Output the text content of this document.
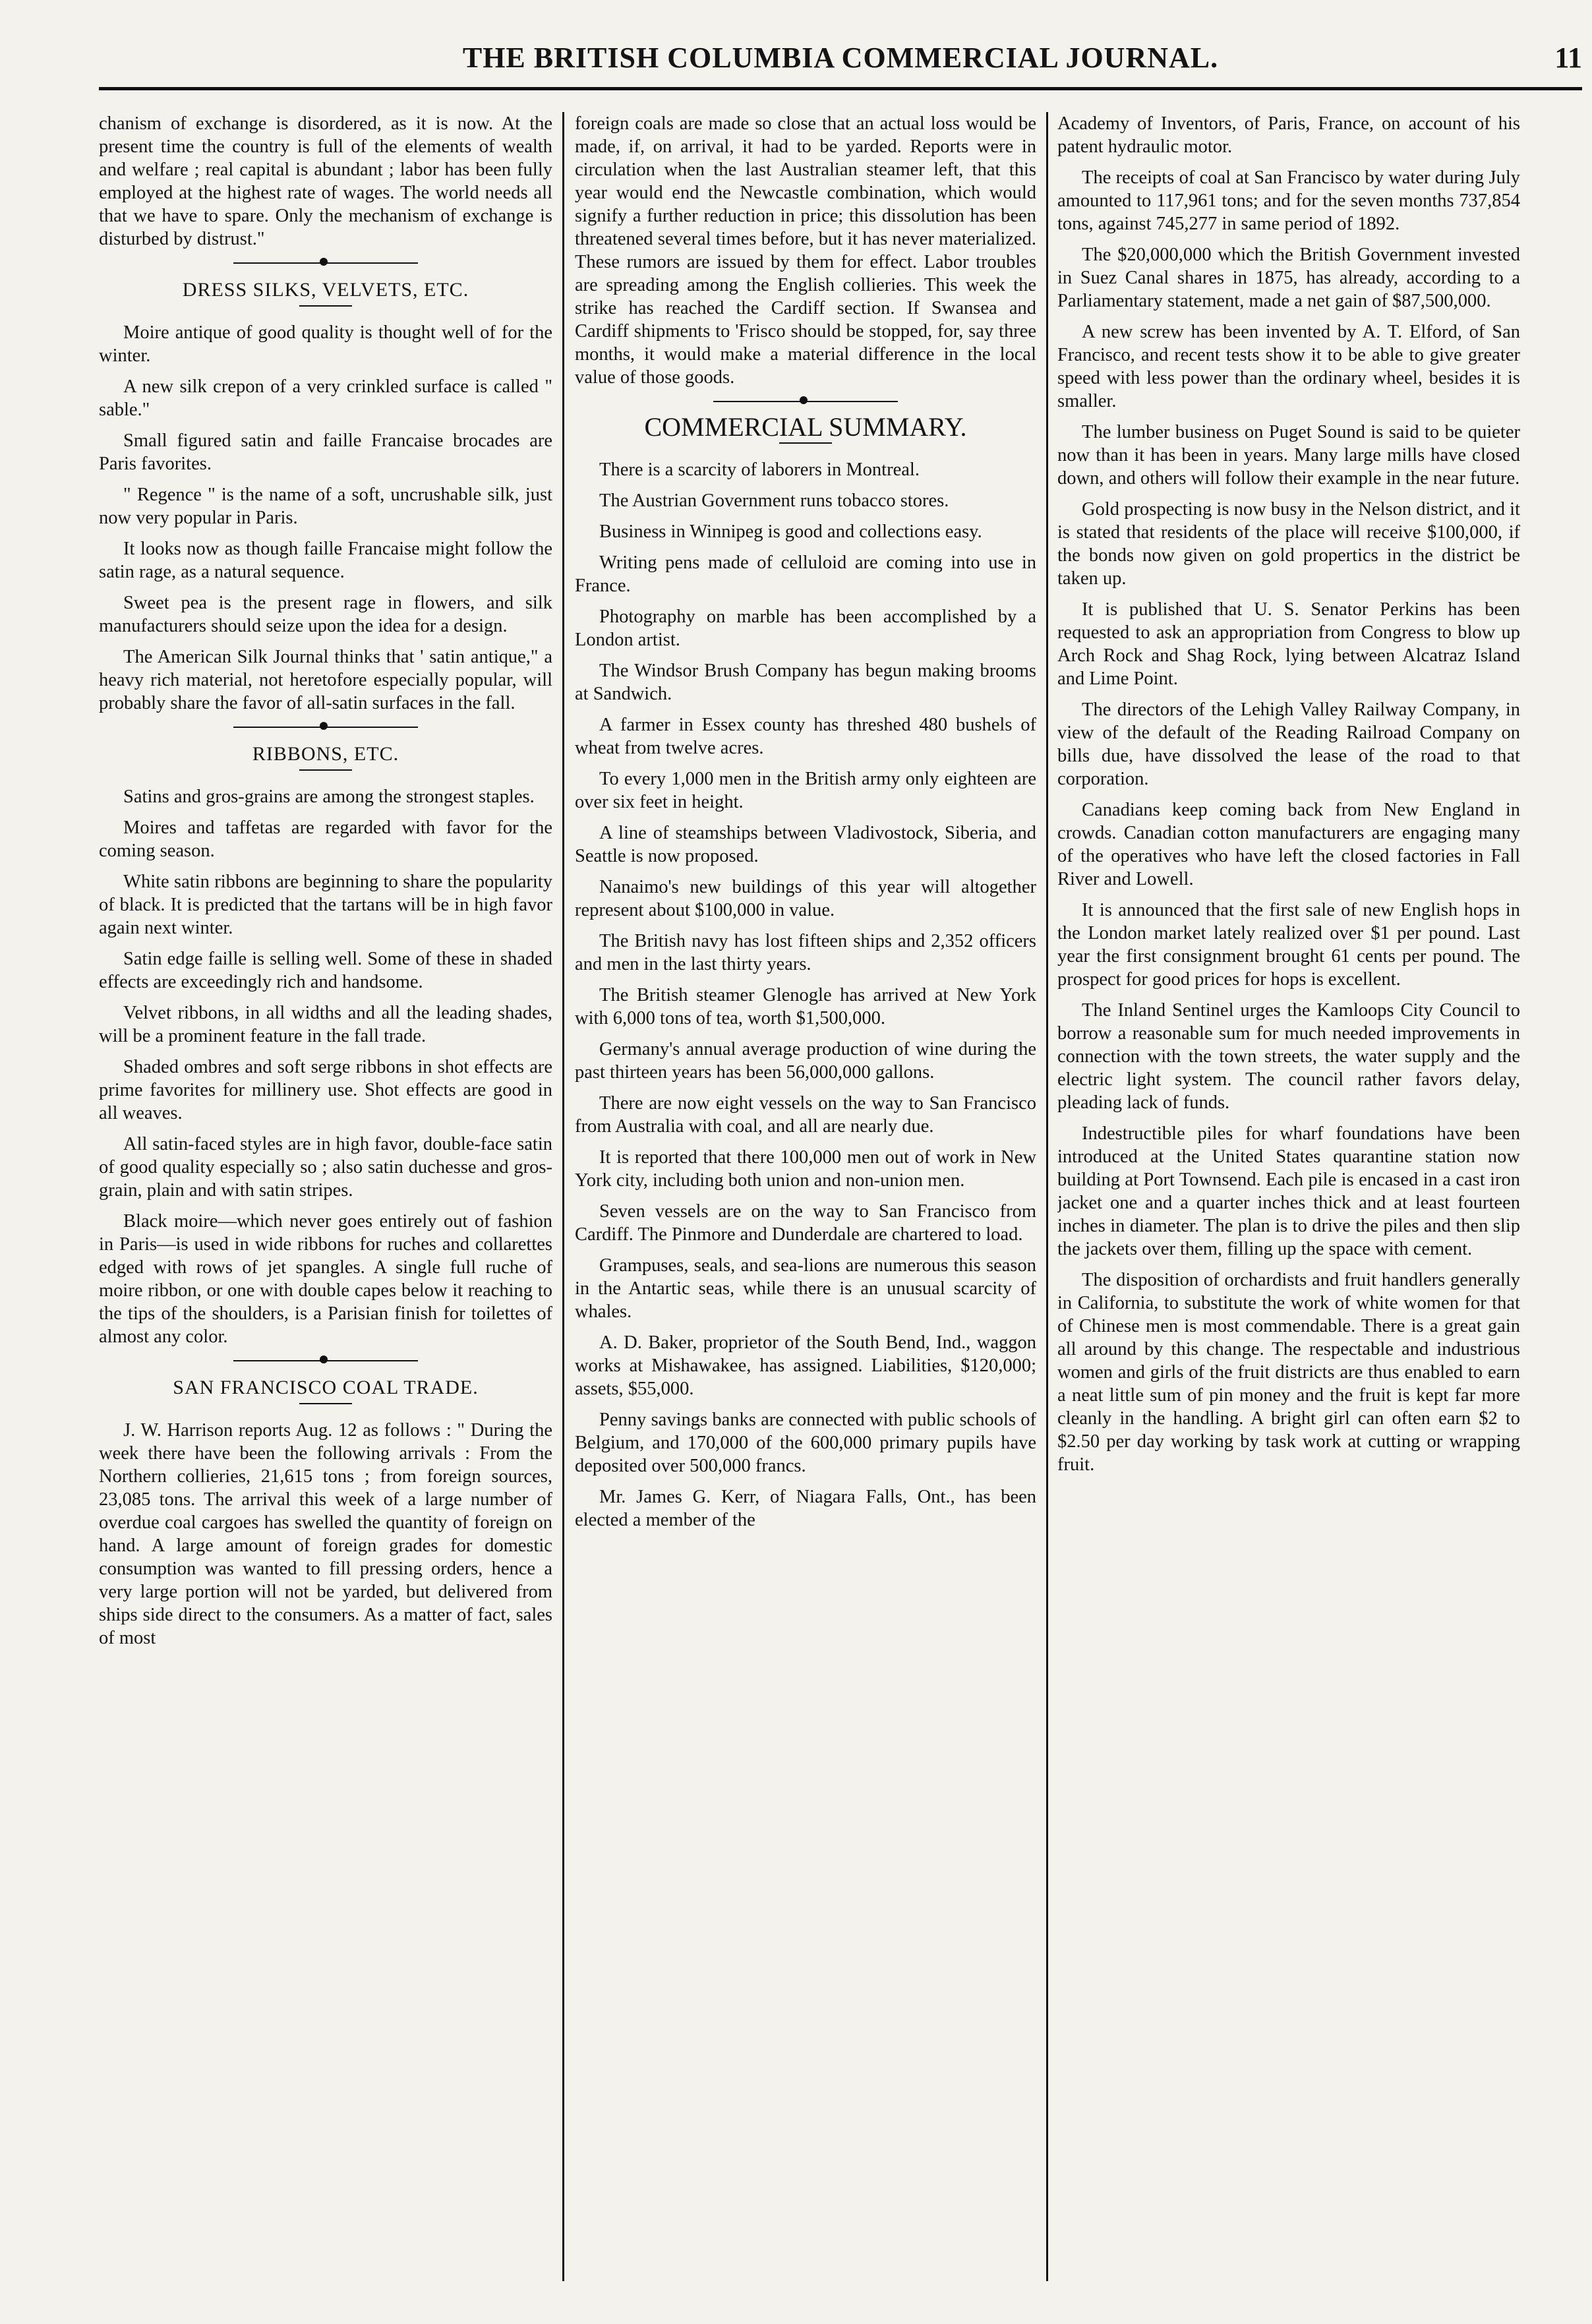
THE BRITISH COLUMBIA COMMERCIAL JOURNAL.	11

chanism of exchange is disordered, as it is now. At the present time the country is full of the elements of wealth and welfare ; real capital is abundant ; labor has been fully employed at the highest rate of wages. The world needs all that we have to spare. Only the mechanism of exchange is disturbed by distrust."

DRESS SILKS, VELVETS, ETC.

Moire antique of good quality is thought well of for the winter.

A new silk crepon of a very crinkled surface is called " sable."

Small figured satin and faille Francaise brocades are Paris favorites.

" Regence " is the name of a soft, uncrushable silk, just now very popular in Paris.

It looks now as though faille Francaise might follow the satin rage, as a natural sequence.

Sweet pea is the present rage in flowers, and silk manufacturers should seize upon the idea for a design.

The American Silk Journal thinks that ' satin antique," a heavy rich material, not heretofore especially popular, will probably share the favor of all-satin surfaces in the fall.

RIBBONS, ETC.

Satins and gros-grains are among the strongest staples.

Moires and taffetas are regarded with favor for the coming season.

White satin ribbons are beginning to share the popularity of black. It is predicted that the tartans will be in high favor again next winter.

Satin edge faille is selling well. Some of these in shaded effects are exceedingly rich and handsome.

Velvet ribbons, in all widths and all the leading shades, will be a prominent feature in the fall trade.

Shaded ombres and soft serge ribbons in shot effects are prime favorites for millinery use. Shot effects are good in all weaves.

All satin-faced styles are in high favor, double-face satin of good quality especially so ; also satin duchesse and gros-grain, plain and with satin stripes.

Black moire—which never goes entirely out of fashion in Paris—is used in wide ribbons for ruches and collarettes edged with rows of jet spangles. A single full ruche of moire ribbon, or one with double capes below it reaching to the tips of the shoulders, is a Parisian finish for toilettes of almost any color.

SAN FRANCISCO COAL TRADE.

J. W. Harrison reports Aug. 12 as follows : " During the week there have been the following arrivals : From the Northern collieries, 21,615 tons ; from foreign sources, 23,085 tons. The arrival this week of a large number of overdue coal cargoes has swelled the quantity of foreign on hand. A large amount of foreign grades for domestic consumption was wanted to fill pressing orders, hence a very large portion will not be yarded, but delivered from ships side direct to the consumers. As a matter of fact, sales of most

foreign coals are made so close that an actual loss would be made, if, on arrival, it had to be yarded. Reports were in circulation when the last Australian steamer left, that this year would end the Newcastle combination, which would signify a further reduction in price; this dissolution has been threatened several times before, but it has never materialized. These rumors are issued by them for effect. Labor troubles are spreading among the English collieries. This week the strike has reached the Cardiff section. If Swansea and Cardiff shipments to 'Frisco should be stopped, for, say three months, it would make a material difference in the local value of those goods.

COMMERCIAL SUMMARY.

There is a scarcity of laborers in Montreal.

The Austrian Government runs tobacco stores.

Business in Winnipeg is good and collections easy.

Writing pens made of celluloid are coming into use in France.

Photography on marble has been accomplished by a London artist.

The Windsor Brush Company has begun making brooms at Sandwich.

A farmer in Essex county has threshed 480 bushels of wheat from twelve acres.

To every 1,000 men in the British army only eighteen are over six feet in height.

A line of steamships between Vladivostock, Siberia, and Seattle is now proposed.

Nanaimo's new buildings of this year will altogether represent about $100,000 in value.

The British navy has lost fifteen ships and 2,352 officers and men in the last thirty years.

The British steamer Glenogle has arrived at New York with 6,000 tons of tea, worth $1,500,000.

Germany's annual average production of wine during the past thirteen years has been 56,000,000 gallons.

There are now eight vessels on the way to San Francisco from Australia with coal, and all are nearly due.

It is reported that there 100,000 men out of work in New York city, including both union and non-union men.

Seven vessels are on the way to San Francisco from Cardiff. The Pinmore and Dunderdale are chartered to load.

Grampuses, seals, and sea-lions are numerous this season in the Antartic seas, while there is an unusual scarcity of whales.

A. D. Baker, proprietor of the South Bend, Ind., waggon works at Mishawakee, has assigned. Liabilities, $120,000; assets, $55,000.

Penny savings banks are connected with public schools of Belgium, and 170,000 of the 600,000 primary pupils have deposited over 500,000 francs.

Mr. James G. Kerr, of Niagara Falls, Ont., has been elected a member of the

Academy of Inventors, of Paris, France, on account of his patent hydraulic motor.

The receipts of coal at San Francisco by water during July amounted to 117,961 tons; and for the seven months 737,854 tons, against 745,277 in same period of 1892.

The $20,000,000 which the British Government invested in Suez Canal shares in 1875, has already, according to a Parliamentary statement, made a net gain of $87,500,000.

A new screw has been invented by A. T. Elford, of San Francisco, and recent tests show it to be able to give greater speed with less power than the ordinary wheel, besides it is smaller.

The lumber business on Puget Sound is said to be quieter now than it has been in years. Many large mills have closed down, and others will follow their example in the near future.

Gold prospecting is now busy in the Nelson district, and it is stated that residents of the place will receive $100,000, if the bonds now given on gold propertics in the district be taken up.

It is published that U. S. Senator Perkins has been requested to ask an appropriation from Congress to blow up Arch Rock and Shag Rock, lying between Alcatraz Island and Lime Point.

The directors of the Lehigh Valley Railway Company, in view of the default of the Reading Railroad Company on bills due, have dissolved the lease of the road to that corporation.

Canadians keep coming back from New England in crowds. Canadian cotton manufacturers are engaging many of the operatives who have left the closed factories in Fall River and Lowell.

It is announced that the first sale of new English hops in the London market lately realized over $1 per pound. Last year the first consignment brought 61 cents per pound. The prospect for good prices for hops is excellent.

The Inland Sentinel urges the Kamloops City Council to borrow a reasonable sum for much needed improvements in connection with the town streets, the water supply and the electric light system. The council rather favors delay, pleading lack of funds.

Indestructible piles for wharf foundations have been introduced at the United States quarantine station now building at Port Townsend. Each pile is encased in a cast iron jacket one and a quarter inches thick and at least fourteen inches in diameter. The plan is to drive the piles and then slip the jackets over them, filling up the space with cement.

The disposition of orchardists and fruit handlers generally in California, to substitute the work of white women for that of Chinese men is most commendable. There is a great gain all around by this change. The respectable and industrious women and girls of the fruit districts are thus enabled to earn a neat little sum of pin money and the fruit is kept far more cleanly in the handling. A bright girl can often earn $2 to $2.50 per day working by task work at cutting or wrapping fruit.
